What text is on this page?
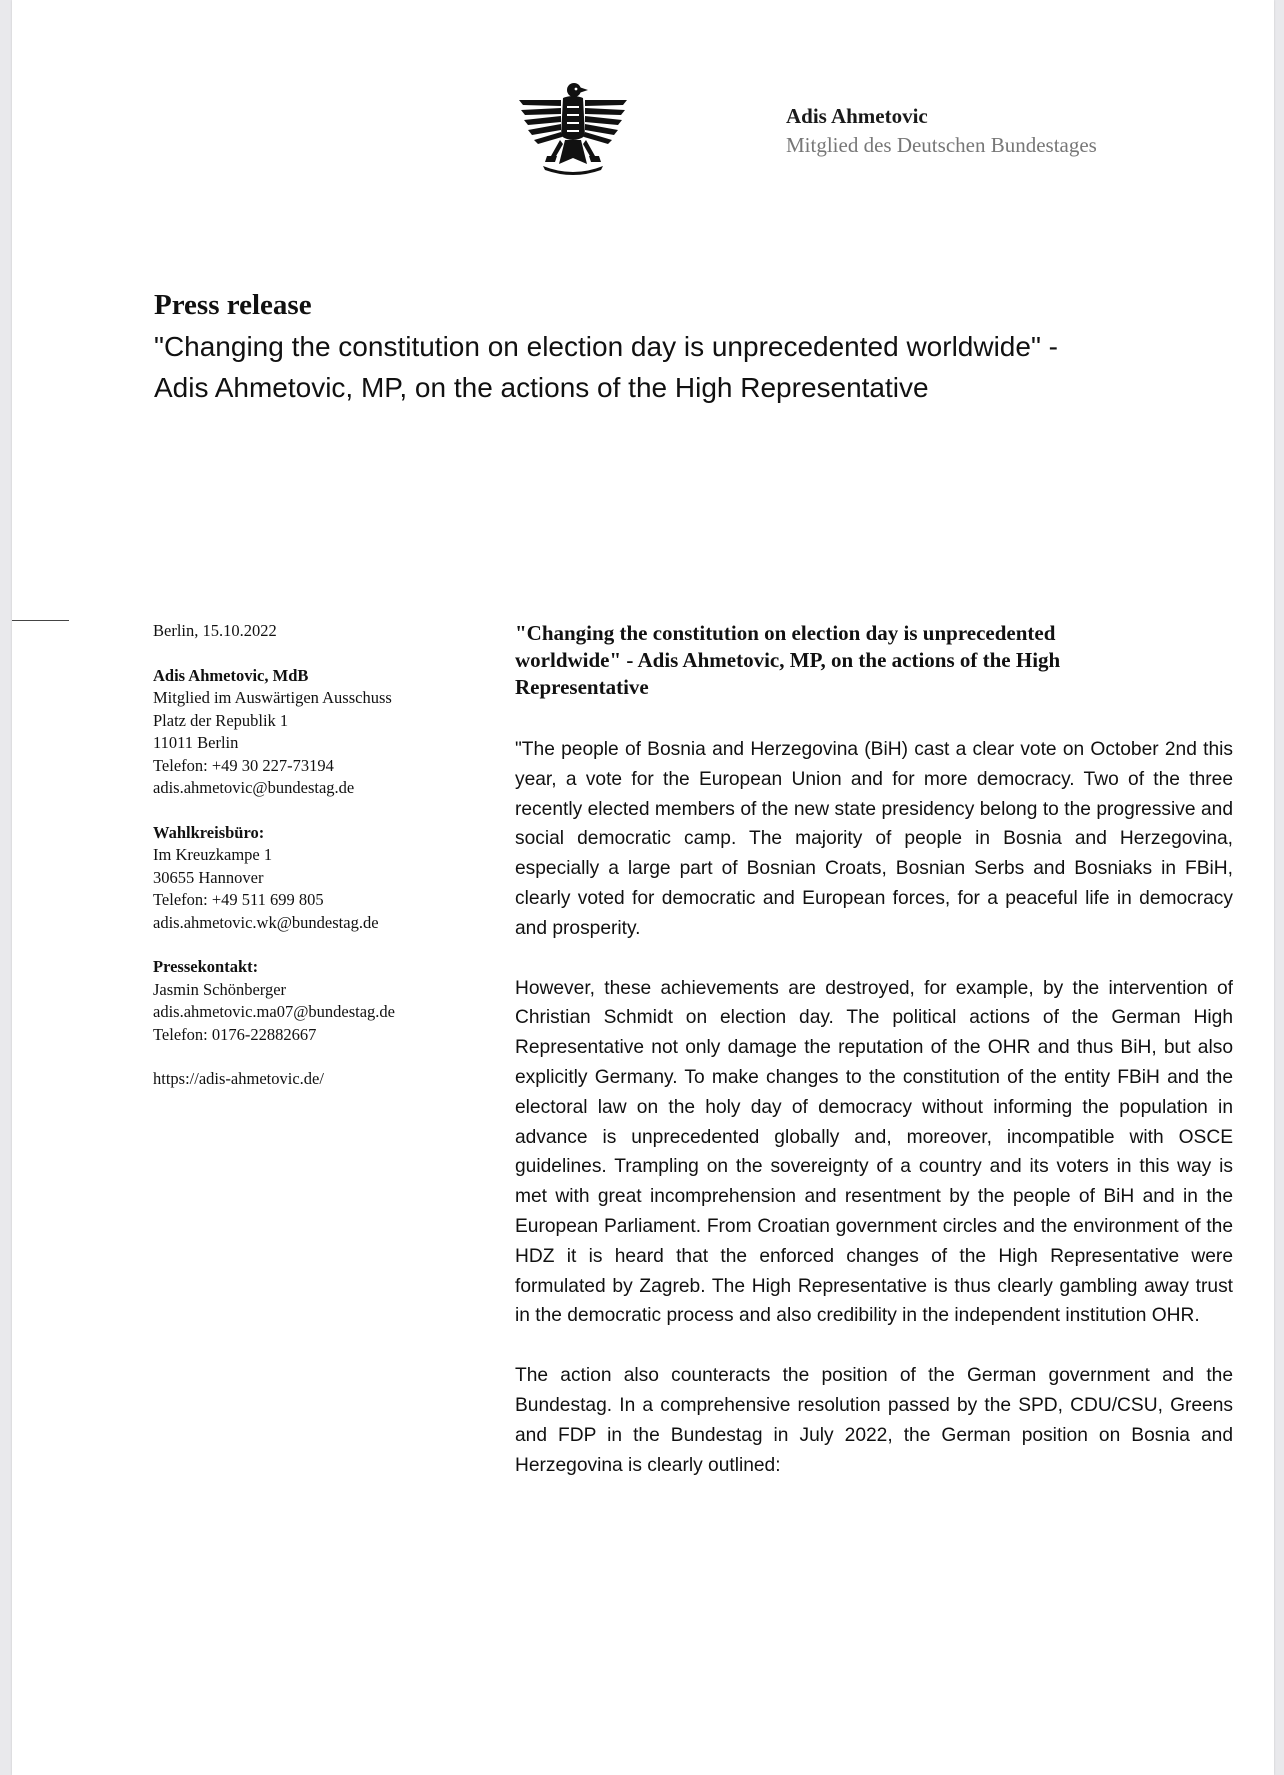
Adis Ahmetovic
Mitglied des Deutschen Bundestages
Press release
"Changing the constitution on election day is unprecedented worldwide" -
Adis Ahmetovic, MP, on the actions of the High Representative
Berlin, 15.10.2022
Adis Ahmetovic, MdB
Mitglied im Auswärtigen Ausschuss
Platz der Republik 1
11011 Berlin
Telefon: +49 30 227-73194
adis.ahmetovic@bundestag.de
Wahlkreisbüro:
Im Kreuzkampe 1
30655 Hannover
Telefon: +49 511 699 805
adis.ahmetovic.wk@bundestag.de
Pressekontakt:
Jasmin Schönberger
adis.ahmetovic.ma07@bundestag.de
Telefon: 0176-22882667
https://adis-ahmetovic.de/
"Changing the constitution on election day is unprecedented
worldwide" - Adis Ahmetovic, MP, on the actions of the High
Representative

"The people of Bosnia and Herzegovina (BiH) cast a clear vote on October 2nd this year, a vote for the European Union and for more democracy. Two of the three recently elected members of the new state presidency belong to the progressive and social democratic camp. The majority of people in Bosnia and Herzegovina, especially a large part of Bosnian Croats, Bosnian Serbs and Bosniaks in FBiH, clearly voted for democratic and European forces, for a peaceful life in democracy and prosperity.

However, these achievements are destroyed, for example, by the intervention of Christian Schmidt on election day. The political actions of the German High Representative not only damage the reputation of the OHR and thus BiH, but also explicitly Germany. To make changes to the constitution of the entity FBiH and the electoral law on the holy day of democracy without informing the population in advance is unprecedented globally and, moreover, incompatible with OSCE guidelines. Trampling on the sovereignty of a country and its voters in this way is met with great incomprehension and resentment by the people of BiH and in the European Parliament. From Croatian government circles and the environment of the HDZ it is heard that the enforced changes of the High Representative were formulated by Zagreb. The High Representative is thus clearly gambling away trust in the democratic process and also credibility in the independent institution OHR.

The action also counteracts the position of the German government and the Bundestag. In a comprehensive resolution passed by the SPD, CDU/CSU, Greens and FDP in the Bundestag in July 2022, the German position on Bosnia and Herzegovina is clearly outlined:
